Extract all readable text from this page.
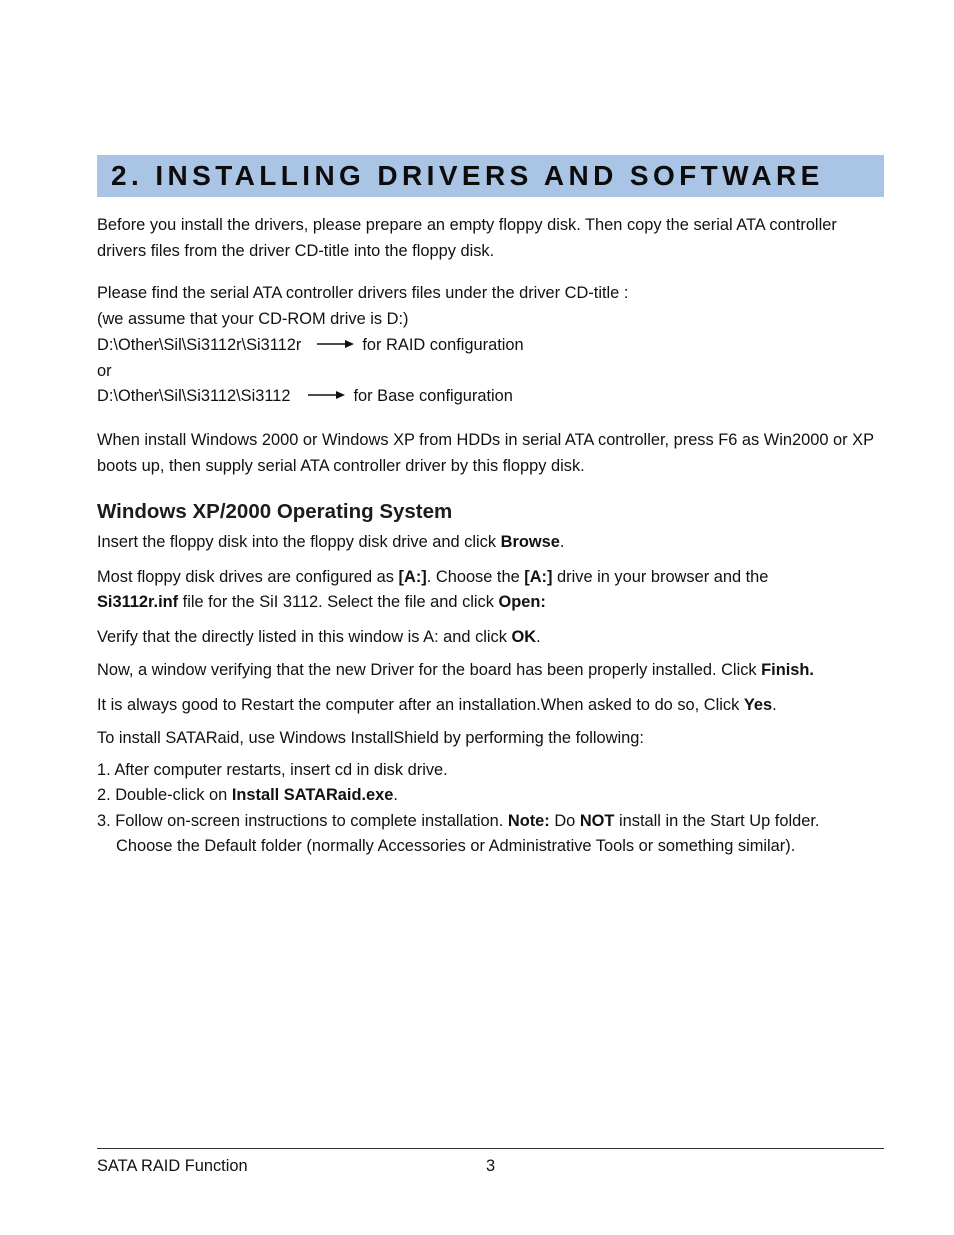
2. INSTALLING DRIVERS AND SOFTWARE

Before you install the drivers, please prepare an empty floppy disk. Then copy the serial ATA controller drivers files from the driver CD-title into the floppy disk.

Please find the serial ATA controller drivers files under the driver CD-title :
(we assume that your CD-ROM drive is D:)
D:\Other\Sil\Si3112r\Si3112r	for RAID configuration
or
D:\Other\Sil\Si3112\Si3112	for Base configuration

When install Windows 2000 or Windows XP from HDDs in serial ATA controller, press F6 as Win2000 or XP boots up, then supply serial ATA controller driver by this floppy disk.

Windows XP/2000 Operating System

Insert the floppy disk into the floppy disk drive and click Browse.

Most floppy disk drives are configured as [A:]. Choose the [A:] drive in your browser and the
Si3112r.inf file for the SiI 3112. Select the file and click Open:

Verify that the directly listed in this window is A: and click OK.

Now, a window verifying that the new Driver for the board has been properly installed. Click Finish.

It is always good to Restart the computer after an installation.When asked to do so, Click Yes.

To install SATARaid, use Windows InstallShield by performing the following:

1. After computer restarts, insert cd in disk drive.
2. Double-click on Install SATARaid.exe.
3. Follow on-screen instructions to complete installation. Note: Do NOT install in the Start Up folder.
Choose the Default folder (normally Accessories or Administrative Tools or something similar).
SATA RAID Function	3
